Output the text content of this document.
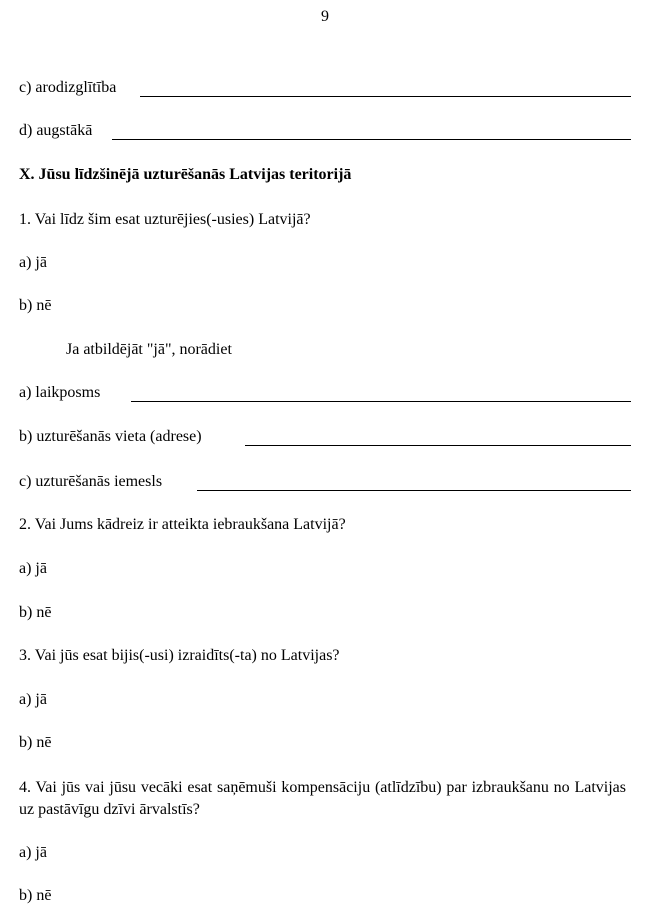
9
c) arodizglītība
d) augstākā
X. Jūsu līdzšinējā uzturēšanās Latvijas teritorijā
1. Vai līdz šim esat uzturējies(-usies) Latvijā?
a) jā
b) nē
Ja atbildējāt "jā", norādiet
a) laikposms
b) uzturēšanās vieta (adrese)
c) uzturēšanās iemesls
2. Vai Jums kādreiz ir atteikta iebraukšana Latvijā?
a) jā
b) nē
3. Vai jūs esat bijis(-usi) izraidīts(-ta) no Latvijas?
a) jā
b) nē
4. Vai jūs vai jūsu vecāki esat saņēmuši kompensāciju (atlīdzību) par izbraukšanu no Latvijas uz pastāvīgu dzīvi ārvalstīs?
a) jā
b) nē
